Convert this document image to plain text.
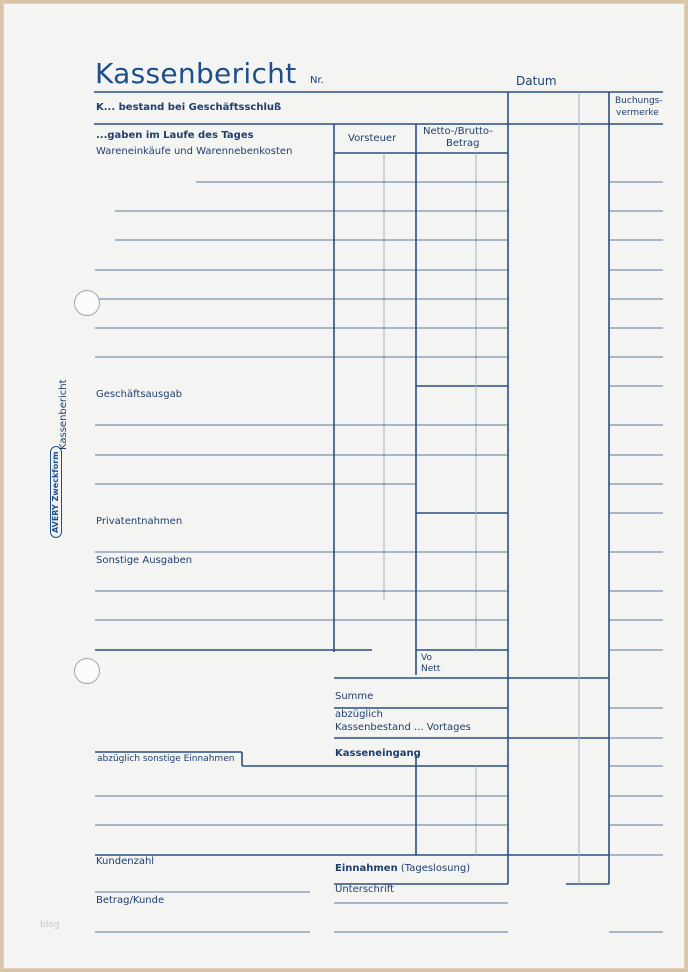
Kassenbericht Nr.	Datum
K... bestand bei Geschäftsschluß
Buchungs-
vermerke
Vorsteuer
Netto-/Brutto-
Betrag
Vo
Nett
...gaben im Laufe des Tages
Wareneinkäufe und Warennebenkosten
Geschäftsausgab
Privatentnahmen
Sonstige Ausgaben
Summe
abzüglich
Kassenbestand ... Vortages
Kasseneingang
abzüglich sonstige Einnahmen
Kundenzahl
Einnahmen (Tageslosung)
Unterschrift
Betrag/Kunde
Kassenbericht
AVERY Zweckform
blog
